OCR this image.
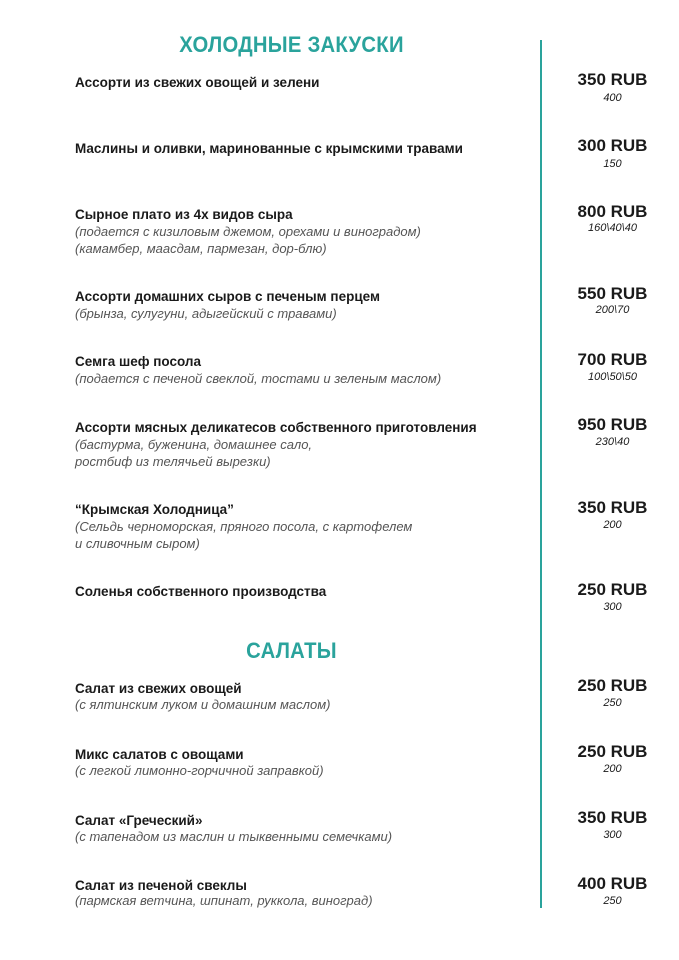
ХОЛОДНЫЕ ЗАКУСКИ
Ассорти из свежих овощей и зелени	350 RUB
400
Маслины и оливки, маринованные с крымскими травами	300 RUB
150
Сырное плато из 4х видов сыра
(подается с кизиловым джемом, орехами и виноградом)
(камамбер, маасдам, пармезан, дор-блю)
800 RUB
160\40\40
Ассорти домашних сыров с печеным перцем
(брынза, сулугуни, адыгейский с травами)
550 RUB
200\70
Семга шеф посола
(подается с печеной свеклой, тостами и зеленым маслом)
700 RUB
100\50\50
Ассорти мясных деликатесов собственного приготовления
(бастурма, буженина, домашнее сало,
ростбиф из телячьей вырезки)
950 RUB
230\40
“Крымская Холодница”
(Сельдь черноморская, пряного посола, с картофелем
и сливочным сыром)
350 RUB
200
Соленья собственного производства	250 RUB
300
САЛАТЫ
Салат из свежих овощей
(с ялтинским луком и домашним маслом)
250 RUB
250
Микс салатов с овощами
(с легкой лимонно-горчичной заправкой)
250 RUB
200
Салат «Греческий»
(с тапенадом из маслин и тыквенными семечками)
350 RUB
300
Салат из печеной свеклы
(пармская ветчина, шпинат, руккола, виноград)
400 RUB
250
